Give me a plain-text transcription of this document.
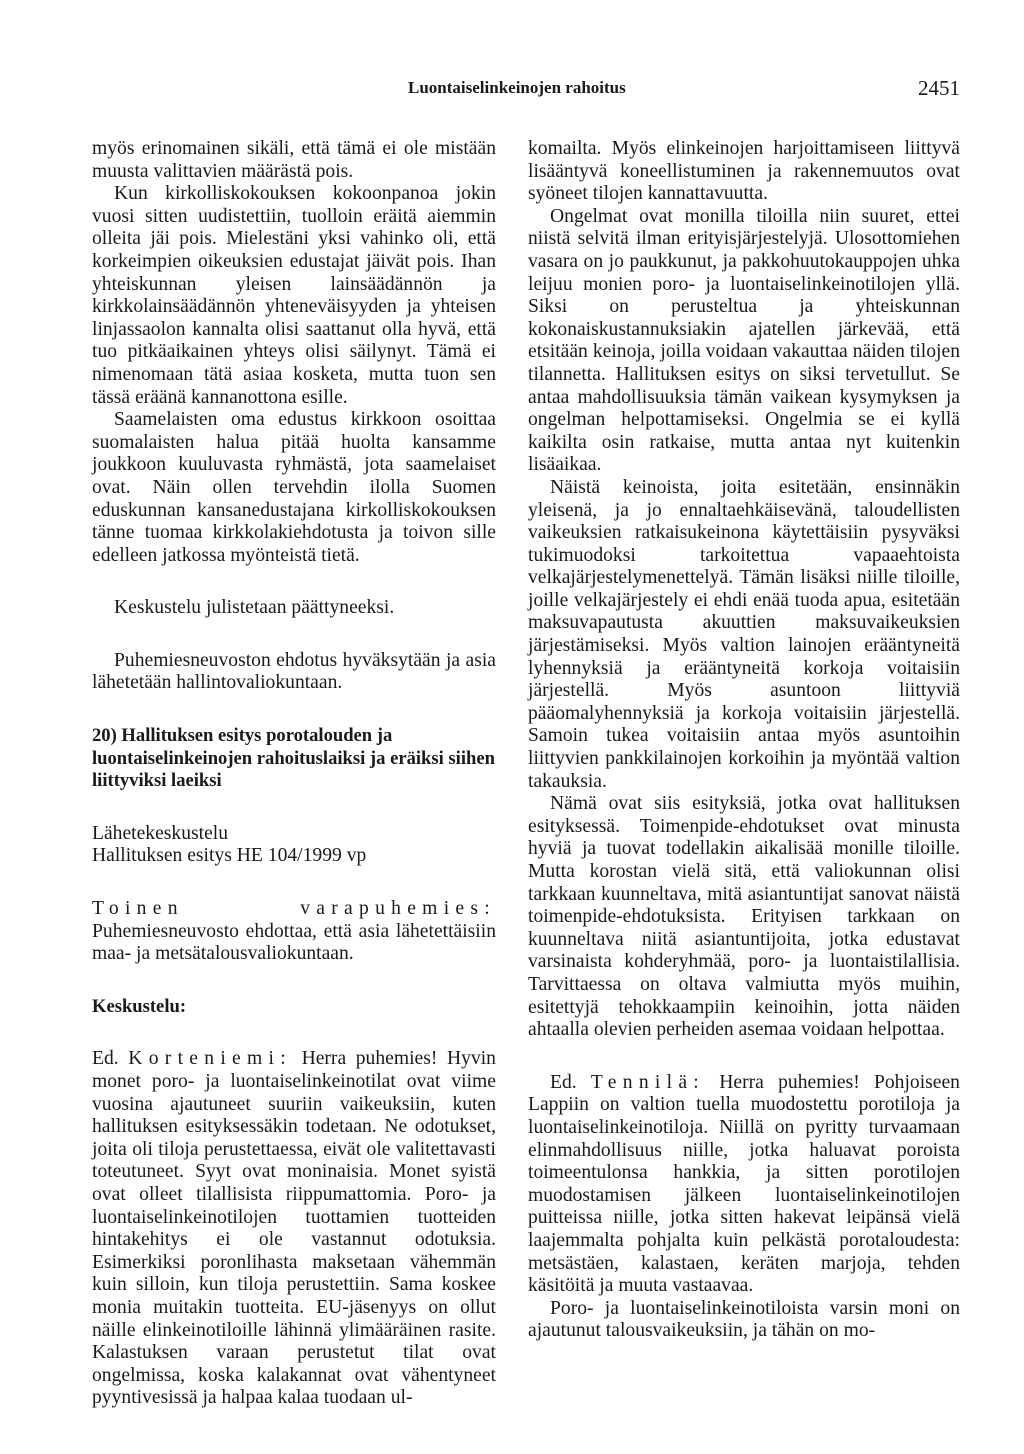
Luontaiselinkeinojen rahoitus	2451

myös erinomainen sikäli, että tämä ei ole mistään muusta valittavien määrästä pois.

Kun kirkolliskokouksen kokoonpanoa jokin vuosi sitten uudistettiin, tuolloin eräitä aiemmin olleita jäi pois. Mielestäni yksi vahinko oli, että korkeimpien oikeuksien edustajat jäivät pois. Ihan yhteiskunnan yleisen lainsäädännön ja kirkkolainsäädännön yhteneväisyyden ja yhteisen linjassaolon kannalta olisi saattanut olla hyvä, että tuo pitkäaikainen yhteys olisi säilynyt. Tämä ei nimenomaan tätä asiaa kosketa, mutta tuon sen tässä eräänä kannanottona esille.

Saamelaisten oma edustus kirkkoon osoittaa suomalaisten halua pitää huolta kansamme joukkoon kuuluvasta ryhmästä, jota saamelaiset ovat. Näin ollen tervehdin ilolla Suomen eduskunnan kansanedustajana kirkolliskokouksen tänne tuomaa kirkkolakiehdotusta ja toivon sille edelleen jatkossa myönteistä tietä.

Keskustelu julistetaan päättyneeksi.

Puhemiesneuvoston ehdotus hyväksytään ja asia lähetetään hallintovaliokuntaan.

20) Hallituksen esitys porotalouden ja luontaiselinkeinojen rahoituslaiksi ja eräiksi siihen liittyviksi laeiksi

Lähetekeskustelu

Hallituksen esitys HE 104/1999 vp

Toinen varapuhemies: Puhemiesneuvosto ehdottaa, että asia lähetettäisiin maa- ja metsätalousvaliokuntaan.

Keskustelu:

Ed. Korteniemi: Herra puhemies! Hyvin monet poro- ja luontaiselinkeinotilat ovat viime vuosina ajautuneet suuriin vaikeuksiin, kuten hallituksen esityksessäkin todetaan. Ne odotukset, joita oli tiloja perustettaessa, eivät ole valitettavasti toteutuneet. Syyt ovat moninaisia. Monet syistä ovat olleet tilallisista riippumattomia. Poro- ja luontaiselinkeinotilojen tuottamien tuotteiden hintakehitys ei ole vastannut odotuksia. Esimerkiksi poronlihasta maksetaan vähemmän kuin silloin, kun tiloja perustettiin. Sama koskee monia muitakin tuotteita. EU-jäsenyys on ollut näille elinkeinotiloille lähinnä ylimääräinen rasite. Kalastuksen varaan perustetut tilat ovat ongelmissa, koska kalakannat ovat vähentyneet pyyntivesissä ja halpaa kalaa tuodaan ul-

komailta. Myös elinkeinojen harjoittamiseen liittyvä lisääntyvä koneellistuminen ja rakennemuutos ovat syöneet tilojen kannattavuutta.

Ongelmat ovat monilla tiloilla niin suuret, ettei niistä selvitä ilman erityisjärjestelyjä. Ulosottomiehen vasara on jo paukkunut, ja pakkohuutokauppojen uhka leijuu monien poro- ja luontaiselinkeinotilojen yllä. Siksi on perusteltua ja yhteiskunnan kokonaiskustannuksiakin ajatellen järkevää, että etsitään keinoja, joilla voidaan vakauttaa näiden tilojen tilannetta. Hallituksen esitys on siksi tervetullut. Se antaa mahdollisuuksia tämän vaikean kysymyksen ja ongelman helpottamiseksi. Ongelmia se ei kyllä kaikilta osin ratkaise, mutta antaa nyt kuitenkin lisäaikaa.

Näistä keinoista, joita esitetään, ensinnäkin yleisenä, ja jo ennaltaehkäisevänä, taloudellisten vaikeuksien ratkaisukeinona käytettäisiin pysyväksi tukimuodoksi tarkoitettua vapaaehtoista velkajärjestelymenettelyä. Tämän lisäksi niille tiloille, joille velkajärjestely ei ehdi enää tuoda apua, esitetään maksuvapautusta akuuttien maksuvaikeuksien järjestämiseksi. Myös valtion lainojen erääntyneitä lyhennyksiä ja erääntyneitä korkoja voitaisiin järjestellä. Myös asuntoon liittyviä pääomalyhennyksiä ja korkoja voitaisiin järjestellä. Samoin tukea voitaisiin antaa myös asuntoihin liittyvien pankkilainojen korkoihin ja myöntää valtion takauksia.

Nämä ovat siis esityksiä, jotka ovat hallituksen esityksessä. Toimenpide-ehdotukset ovat minusta hyviä ja tuovat todellakin aikalisää monille tiloille. Mutta korostan vielä sitä, että valiokunnan olisi tarkkaan kuunneltava, mitä asiantuntijat sanovat näistä toimenpide-ehdotuksista. Erityisen tarkkaan on kuunneltava niitä asiantuntijoita, jotka edustavat varsinaista kohderyhmää, poro- ja luontaistilallisia. Tarvittaessa on oltava valmiutta myös muihin, esitettyjä tehokkaampiin keinoihin, jotta näiden ahtaalla olevien perheiden asemaa voidaan helpottaa.

Ed. Tennilä: Herra puhemies! Pohjoiseen Lappiin on valtion tuella muodostettu porotiloja ja luontaiselinkeinotiloja. Niillä on pyritty turvaamaan elinmahdollisuus niille, jotka haluavat poroista toimeentulonsa hankkia, ja sitten porotilojen muodostamisen jälkeen luontaiselinkeinotilojen puitteissa niille, jotka sitten hakevat leipänsä vielä laajemmalta pohjalta kuin pelkästä porotaloudesta: metsästäen, kalastaen, keräten marjoja, tehden käsitöitä ja muuta vastaavaa.

Poro- ja luontaiselinkeinotiloista varsin moni on ajautunut talousvaikeuksiin, ja tähän on mo-
